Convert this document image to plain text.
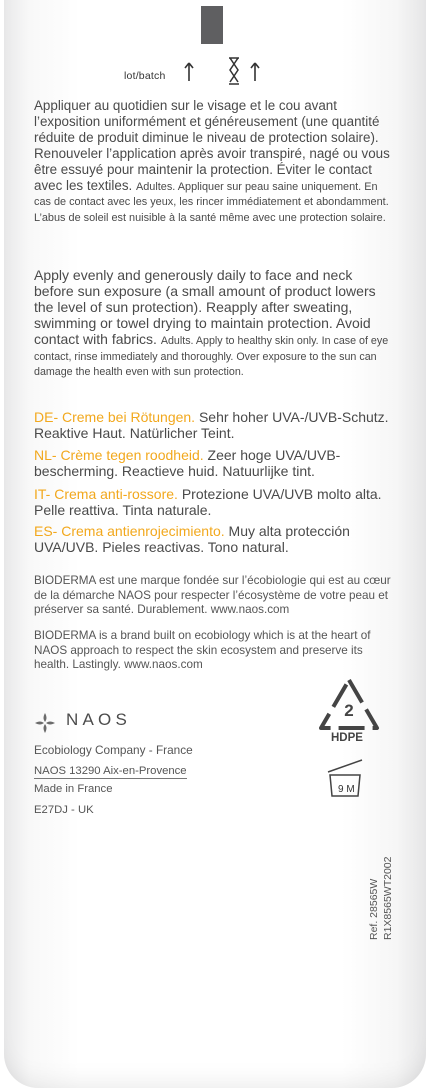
lot/batch
Appliquer au quotidien sur le visage et le cou avant l’exposition uniformément et généreusement (une quantité réduite de produit diminue le niveau de protection solaire). Renouveler l’application après avoir transpiré, nagé ou vous être essuyé pour maintenir la protection. Éviter le contact avec les textiles. Adultes. Appliquer sur peau saine uniquement. En cas de contact avec les yeux, les rincer immédiatement et abondamment. L’abus de soleil est nuisible à la santé même avec une protection solaire.
Apply evenly and generously daily to face and neck before sun exposure (a small amount of product lowers the level of sun protection). Reapply after sweating, swimming or towel drying to maintain protection. Avoid contact with fabrics. Adults. Apply to healthy skin only. In case of eye contact, rinse immediately and thoroughly. Over exposure to the sun can damage the health even with sun protection.
DE- Creme bei Rötungen. Sehr hoher UVA-/UVB-Schutz. Reaktive Haut. Natürlicher Teint.
NL- Crème tegen roodheid. Zeer hoge UVA/UVB-bescherming. Reactieve huid. Natuurlijke tint.
IT- Crema anti-rossore. Protezione UVA/UVB molto alta. Pelle reattiva. Tinta naturale.
ES- Crema antienrojecimiento. Muy alta protección UVA/UVB. Pieles reactivas. Tono natural.
BIODERMA est une marque fondée sur l’écobiologie qui est au cœur de la démarche NAOS pour respecter l’écosystème de votre peau et préserver sa santé. Durablement. www.naos.com
BIODERMA is a brand built on ecobiology which is at the heart of NAOS approach to respect the skin ecosystem and preserve its health. Lastingly. www.naos.com
NAOS
Ecobiology Company - France
NAOS 13290 Aix-en-Provence
Made in France
E27DJ - UK
2
HDPE
9 M
Ref. 28565W R1X8565WT2002
